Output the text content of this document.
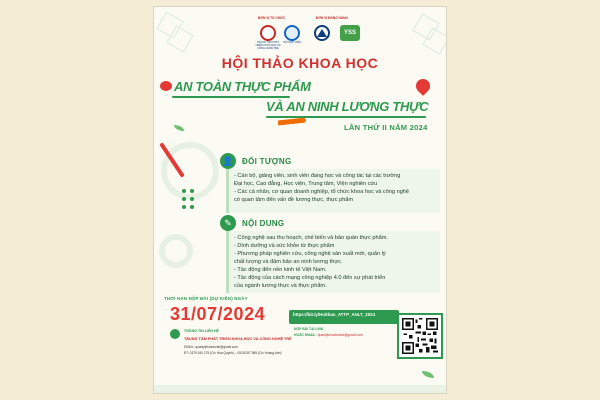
ĐƠN VỊ TỔ CHỨC	ĐƠN VỊ ĐỒNG HÀNH
TRUNG TÂM PHÁT TRIỂN KHOA HỌC VÀ CÔNG NGHỆ TRẺ
HỘI SINH VIÊN
YSS
HỘI THẢO KHOA HỌC
AN TOÀN THỰC PHẨM
VÀ AN NINH LƯƠNG THỰC
LẦN THỨ II NĂM 2024
👤 ĐỐI TƯỢNG
- Cán bộ, giảng viên, sinh viên đang học và công tác tại các trường
Đại học, Cao đẳng, Học viện, Trung tâm, Viện nghiên cứu
- Các cá nhân, cơ quan doanh nghiệp, tổ chức khoa học và công nghệ
có quan tâm đến vấn đề lương thực, thực phẩm
✎	NỘI DUNG
- Công nghệ sau thu hoạch, chế biến và bảo quản thực phẩm.
- Dinh dưỡng và sức khỏe từ thực phẩm
- Phương pháp nghiên cứu, công nghệ sản xuất mới, quản lý
chất lượng và đảm bảo an ninh lương thực.
- Tác động đến nền kinh tế Việt Nam.
- Tác động của cách mạng công nghiệp 4.0 đến sự phát triển
của ngành lương thực và thực phẩm.
THỜI HẠN NỘP BÀI (DỰ KIẾN) NGÀY
31/07/2024	https://bit.ly/Hoithao_ATTP_ANLT_2024
NỘP BÀI TẠI LINK
HOẶC EMAIL: quanlykhoahoctst@gmail.com
THÔNG TIN LIÊN HỆ
TRUNG TÂM PHÁT TRIỂN KHOA HỌC VÀ CÔNG NGHỆ TRẺ
EMAIL: quanlykhoahoctst@gmail.com
ĐT: 0379.340.275 (C/c Hoa Quỳnh) – 0928.057.959 (C/c Hoàng Anh)
